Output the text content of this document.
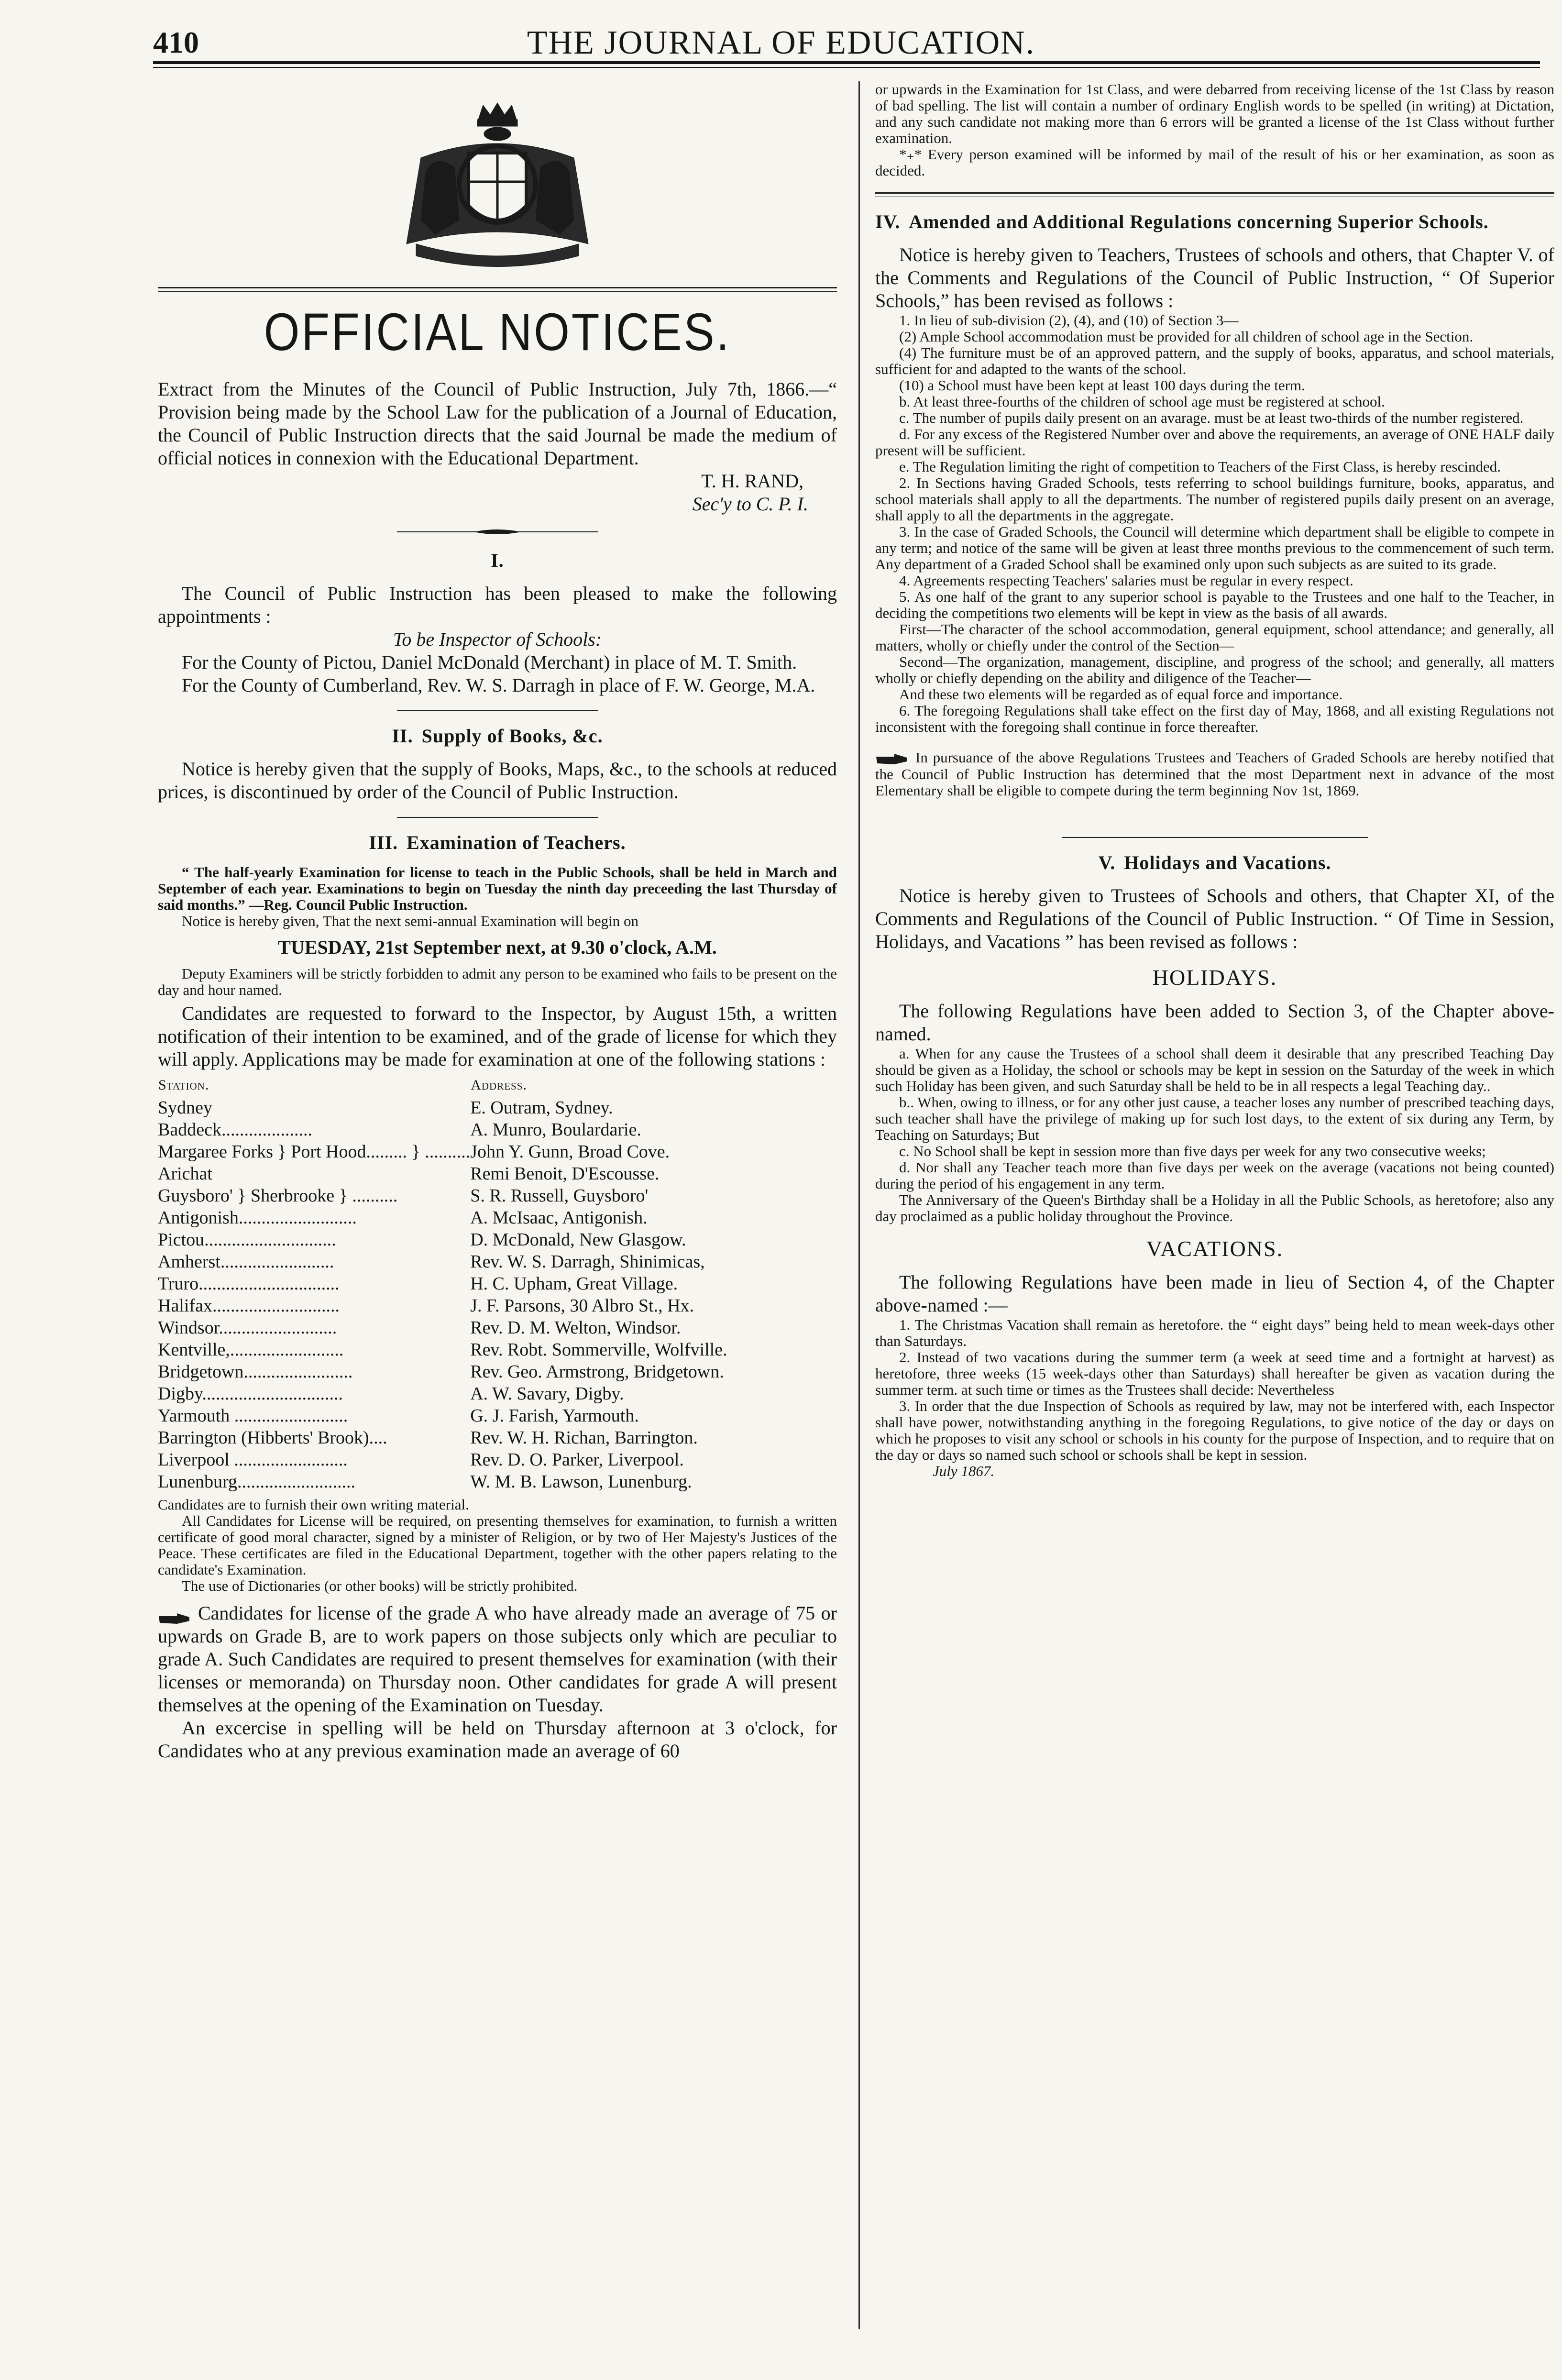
410	THE JOURNAL OF EDUCATION.
OFFICIAL NOTICES.

Extract from the Minutes of the Council of Public Instruction, July 7th, 1866.—“ Provision being made by the School Law for the publication of a Journal of Education, the Council of Public Instruction directs that the said Journal be made the medium of official notices in connexion with the Educational Department.

T. H. RAND,

Sec'y to C. P. I.

I.

The Council of Public Instruction has been pleased to make the following appointments :

To be Inspector of Schools:

For the County of Pictou, Daniel McDonald (Merchant) in place of M. T. Smith.

For the County of Cumberland, Rev. W. S. Darragh in place of F. W. George, M.A.

II. Supply of Books, &c.

Notice is hereby given that the supply of Books, Maps, &c., to the schools at reduced prices, is discontinued by order of the Council of Public Instruction.

III. Examination of Teachers.

“ The half-yearly Examination for license to teach in the Public Schools, shall be held in March and September of each year. Examinations to begin on Tuesday the ninth day preceeding the last Thursday of said months.” —Reg. Council Public Instruction.

Notice is hereby given, That the next semi-annual Examination will begin on

TUESDAY, 21st September next, at 9.30 o'clock, A.M.

Deputy Examiners will be strictly forbidden to admit any person to be examined who fails to be present on the day and hour named.

Candidates are requested to forward to the Inspector, by August 15th, a written notification of their intention to be examined, and of the grade of license for which they will apply. Applications may be made for examination at one of the following stations :

Station.	Address.
Sydney	E. Outram, Sydney.
Baddeck....................	A. Munro, Boulardarie.
Margaree Forks } Port Hood......... } ..........	John Y. Gunn, Broad Cove.
Arichat	Remi Benoit, D'Escousse.
Guysboro' } Sherbrooke } ..........	S. R. Russell, Guysboro'
Antigonish..........................	A. McIsaac, Antigonish.
Pictou.............................	D. McDonald, New Glasgow.
Amherst.........................	Rev. W. S. Darragh, Shinimicas,
Truro...............................	H. C. Upham, Great Village.
Halifax............................	J. F. Parsons, 30 Albro St., Hx.
Windsor..........................	Rev. D. M. Welton, Windsor.
Kentville,.........................	Rev. Robt. Sommerville, Wolfville.
Bridgetown........................	Rev. Geo. Armstrong, Bridgetown.
Digby...............................	A. W. Savary, Digby.
Yarmouth .........................	G. J. Farish, Yarmouth.
Barrington (Hibberts' Brook)....	Rev. W. H. Richan, Barrington.
Liverpool .........................	Rev. D. O. Parker, Liverpool.
Lunenburg..........................	W. M. B. Lawson, Lunenburg.

Candidates are to furnish their own writing material.

All Candidates for License will be required, on presenting themselves for examination, to furnish a written certificate of good moral character, signed by a minister of Religion, or by two of Her Majesty's Justices of the Peace. These certificates are filed in the Educational Department, together with the other papers relating to the candidate's Examination.

The use of Dictionaries (or other books) will be strictly prohibited.

Candidates for license of the grade A who have already made an average of 75 or upwards on Grade B, are to work papers on those subjects only which are peculiar to grade A. Such Candidates are required to present themselves for examination (with their licenses or memoranda) on Thursday noon. Other candidates for grade A will present themselves at the opening of the Examination on Tuesday.

An excercise in spelling will be held on Thursday afternoon at 3 o'clock, for Candidates who at any previous examination made an average of 60

or upwards in the Examination for 1st Class, and were debarred from receiving license of the 1st Class by reason of bad spelling. The list will contain a number of ordinary English words to be spelled (in writing) at Dictation, and any such candidate not making more than 6 errors will be granted a license of the 1st Class without further examination.

*₊* Every person examined will be informed by mail of the result of his or her examination, as soon as decided.

IV. Amended and Additional Regulations concerning Superior Schools.

Notice is hereby given to Teachers, Trustees of schools and others, that Chapter V. of the Comments and Regulations of the Council of Public Instruction, “ Of Superior Schools,” has been revised as follows :

1. In lieu of sub-division (2), (4), and (10) of Section 3—

(2) Ample School accommodation must be provided for all children of school age in the Section.

(4) The furniture must be of an approved pattern, and the supply of books, apparatus, and school materials, sufficient for and adapted to the wants of the school.

(10) a School must have been kept at least 100 days during the term.

b. At least three-fourths of the children of school age must be registered at school.

c. The number of pupils daily present on an avarage. must be at least two-thirds of the number registered.

d. For any excess of the Registered Number over and above the requirements, an average of ONE HALF daily present will be sufficient.

e. The Regulation limiting the right of competition to Teachers of the First Class, is hereby rescinded.

2. In Sections having Graded Schools, tests referring to school buildings furniture, books, apparatus, and school materials shall apply to all the departments. The number of registered pupils daily present on an average, shall apply to all the departments in the aggregate.

3. In the case of Graded Schools, the Council will determine which department shall be eligible to compete in any term; and notice of the same will be given at least three months previous to the commencement of such term. Any department of a Graded School shall be examined only upon such subjects as are suited to its grade.

4. Agreements respecting Teachers' salaries must be regular in every respect.

5. As one half of the grant to any superior school is payable to the Trustees and one half to the Teacher, in deciding the competitions two elements will be kept in view as the basis of all awards.

First—The character of the school accommodation, general equipment, school attendance; and generally, all matters, wholly or chiefly under the control of the Section—

Second—The organization, management, discipline, and progress of the school; and generally, all matters wholly or chiefly depending on the ability and diligence of the Teacher—

And these two elements will be regarded as of equal force and importance.

6. The foregoing Regulations shall take effect on the first day of May, 1868, and all existing Regulations not inconsistent with the foregoing shall continue in force thereafter.

In pursuance of the above Regulations Trustees and Teachers of Graded Schools are hereby notified that the Council of Public Instruction has determined that the most Department next in advance of the most Elementary shall be eligible to compete during the term beginning Nov 1st, 1869.

V. Holidays and Vacations.

Notice is hereby given to Trustees of Schools and others, that Chapter XI, of the Comments and Regulations of the Council of Public Instruction. “ Of Time in Session, Holidays, and Vacations ” has been revised as follows :

HOLIDAYS.

The following Regulations have been added to Section 3, of the Chapter above-named.

a. When for any cause the Trustees of a school shall deem it desirable that any prescribed Teaching Day should be given as a Holiday, the school or schools may be kept in session on the Saturday of the week in which such Holiday has been given, and such Saturday shall be held to be in all respects a legal Teaching day..

b.. When, owing to illness, or for any other just cause, a teacher loses any number of prescribed teaching days, such teacher shall have the privilege of making up for such lost days, to the extent of six during any Term, by Teaching on Saturdays; But

c. No School shall be kept in session more than five days per week for any two consecutive weeks;

d. Nor shall any Teacher teach more than five days per week on the average (vacations not being counted) during the period of his engagement in any term.

The Anniversary of the Queen's Birthday shall be a Holiday in all the Public Schools, as heretofore; also any day proclaimed as a public holiday throughout the Province.

VACATIONS.

The following Regulations have been made in lieu of Section 4, of the Chapter above-named :—

1. The Christmas Vacation shall remain as heretofore. the “ eight days” being held to mean week-days other than Saturdays.

2. Instead of two vacations during the summer term (a week at seed time and a fortnight at harvest) as heretofore, three weeks (15 week-days other than Saturdays) shall hereafter be given as vacation during the summer term. at such time or times as the Trustees shall decide: Nevertheless

3. In order that the due Inspection of Schools as required by law, may not be interfered with, each Inspector shall have power, notwithstanding anything in the foregoing Regulations, to give notice of the day or days on which he proposes to visit any school or schools in his county for the purpose of Inspection, and to require that on the day or days so named such school or schools shall be kept in session.

July 1867.
